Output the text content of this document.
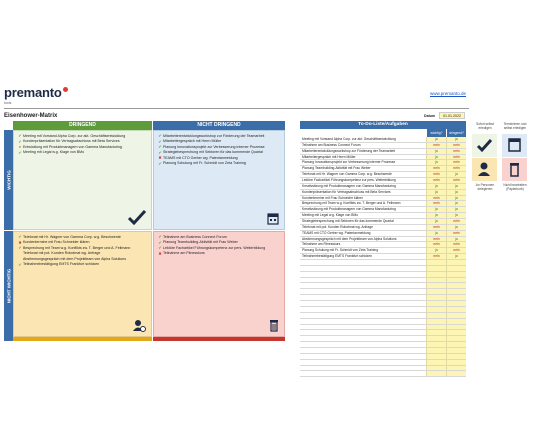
premanto
tools
www.premanto.de
Eisenhower-Matrix	Datum	01.01.2022
DRINGEND	NICHT DRINGEND
WICHTIG
NICHT WICHTIG
✔ Meeting mit Vorstand Alpha Corp. zur akt. Geschäftsentwicklung
✔ Kundenpräsentation für Vertragsabschluss mit Beta Services
● Entwicklung mit Produktmanagern von Gamma Manufacturing
✔ Meeting mit Legal w.g. Klage von BMo
✔ Mitarbeiterentwicklungsworkshop zur Förderung der Teamarbeit
✔ Mitarbeitergespräch mit Herrn Müller
✔ Planung Innovationsprojekt zur Verbesserung interner Prozesse
✔ Strategiebesprechung mit Sektoren für das kommende Quartal
✖ TEAMS mit CTO Gerber wg. Patentanmeldung
✔ Planung Schulung mit Fr. Schmidt von Zeta Training
✔ Telefonat mit Hr. Wagner von Gamma Corp. w.g. Beschwerde
✖ Kundentermine mit Frau Schneider klären
✔ Besprechung mit Team w.g. Konflikts zw. T. Berger und A. Fellmann
Telefonat mit pot. Kunden Robotmat wg. Anfrage
Abstimmungsgespräch mit dem Projektteam von Alpha Solutions
✔ Teilnahmebestätigung EMTS Frankfurt schicken
✔ Teilnahme am Business Connect Forum
✔ Planung Teambuilding-Aktivität mit Frau Weber
✔ Lektüre Fachartikel Führungskompetenz zur pers. Weiterbildung
✖ Teilnahme am Fitnesskurs
To-Do-Liste/Aufgaben
wichtig?	dringend?
Meeting mit Vorstand Alpha Corp. zur akt. Geschäftsentwicklung	ja	ja
Teilnahme am Business Connect Forum	nein	nein
Mitarbeiterentwicklungsworkshop zur Förderung der Teamarbeit	ja	nein
Mitarbeitergespräch mit Herrn Müller	ja	nein
Planung Innovationsprojekt zur Verbesserung interner Prozesse	ja	nein
Planung Teambuilding-Aktivität mit Frau Weber	nein	nein
Telefonat mit Hr. Wagner von Gamma Corp. w.g. Beschwerde	nein	ja
Lektüre Fachartikel Führungskompetenz zur pers. Weiterbildung	nein	nein
Kreativsitzung mit Produktmanagern von Gamma Manufacturing	ja	ja
Kundenpräsentation für Vertragsabschluss mit Beta Services	ja	ja
Kundentermine mit Frau Schneider klären	nein	ja
Besprechung mit Team w.g. Konflikts zw. T. Berger und A. Fellmann	nein	ja
Kreativsitzung mit Produktmanagern von Gamma Manufacturing	ja	ja
Meeting mit Legal w.g. Klage von BMo	ja	ja
Strategiebesprechung mit Sektoren für das kommende Quartal	ja	nein
Telefonat mit pot. Kunden Robotmat wg. Anfrage	nein	ja
TEAMS mit CTO Gerber wg. Patentanmeldung	ja	nein
Abstimmungsgespräch mit dem Projektteam von Alpha Solutions	nein	ja
Teilnahme am Fitnesskurs	nein	nein
Planung Schulung mit Fr. Schmidt von Zeta Training	ja	nein
Teilnahmebestätigung EMTS Frankfurt schicken	nein	ja
Sofort selbst erledigen
Terminieren und selbst erledigen
An Personen delegieren
Nicht bearbeiten (Papierkorb)
